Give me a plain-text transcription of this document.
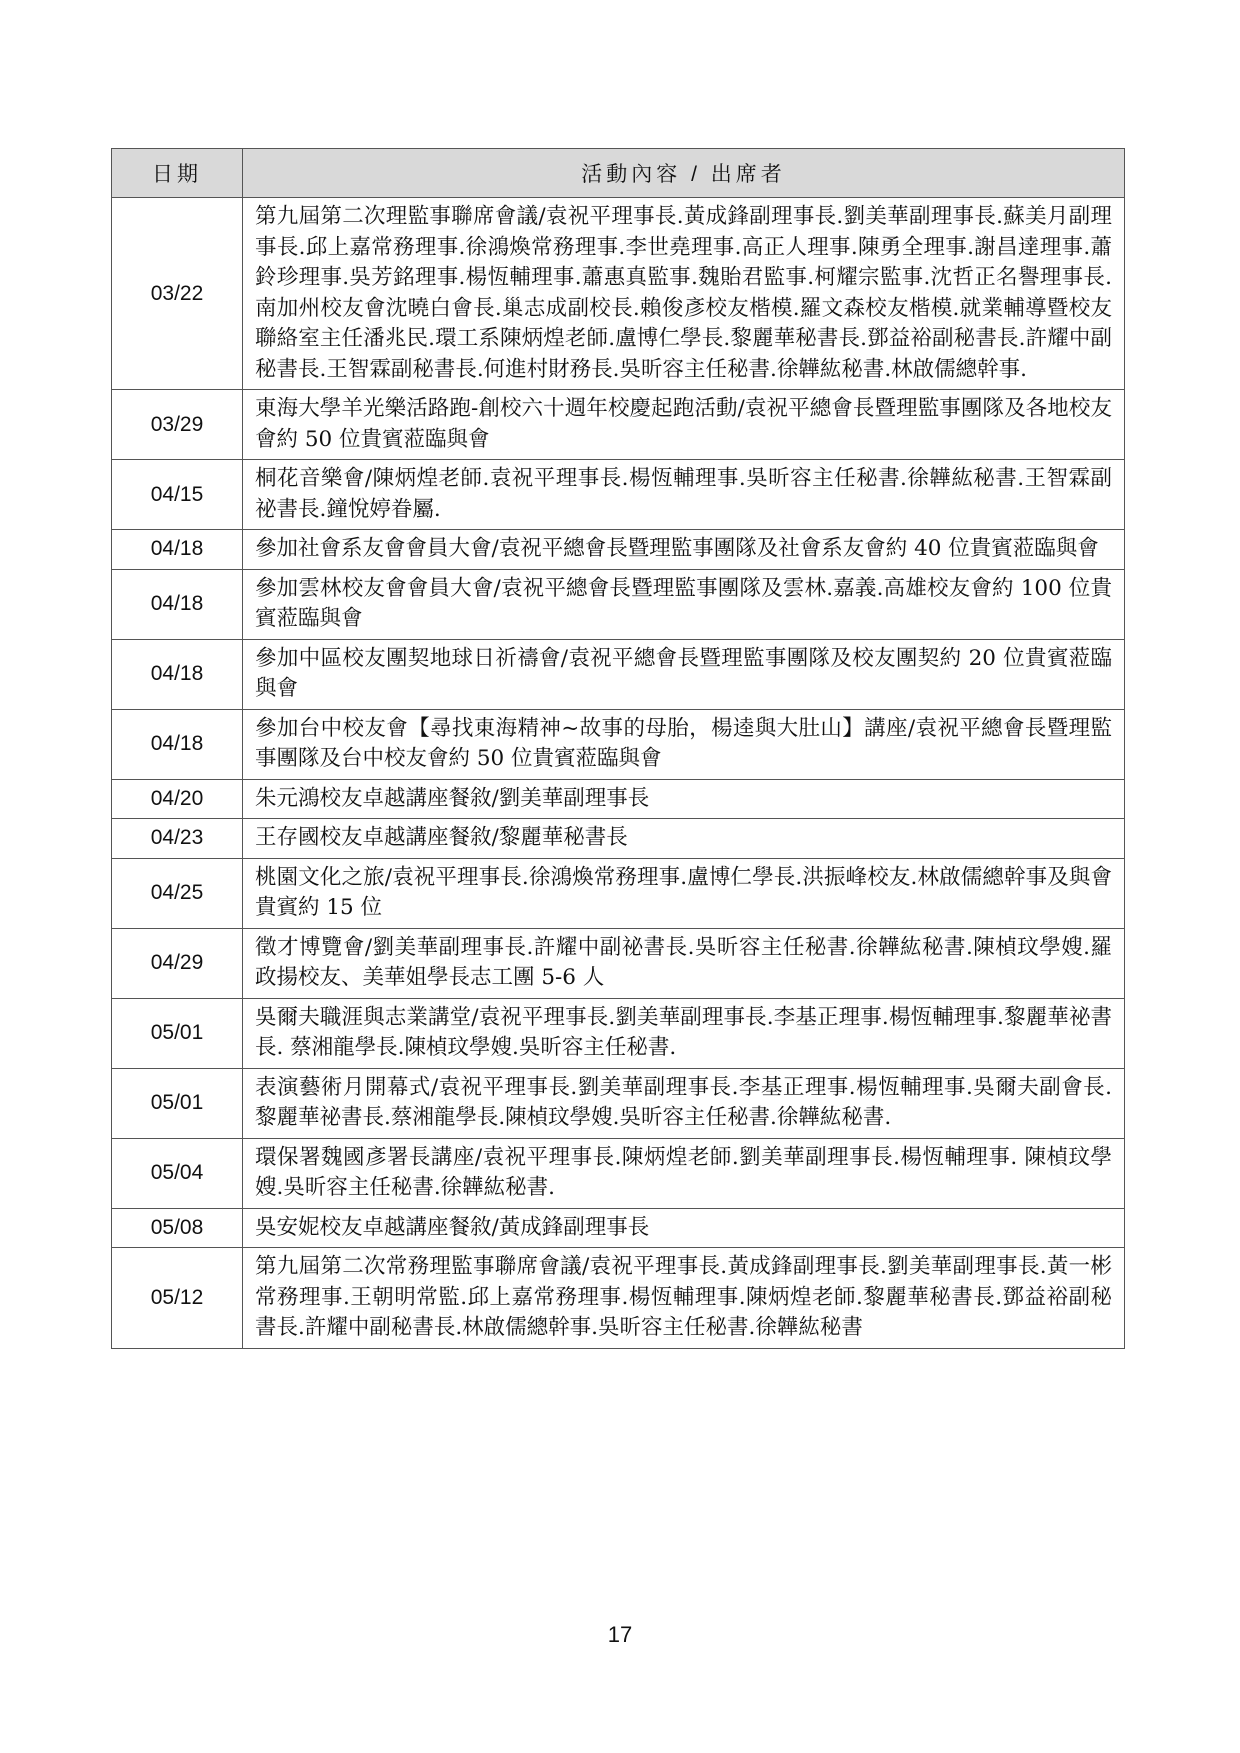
日期	活動內容 / 出席者
03/22	第九屆第二次理監事聯席會議/袁祝平理事長.黃成鋒副理事長.劉美華副理事長.蘇美月副理事長.邱上嘉常務理事.徐鴻煥常務理事.李世堯理事.高正人理事.陳勇全理事.謝昌達理事.蕭鈴珍理事.吳芳銘理事.楊恆輔理事.蕭惠真監事.魏貽君監事.柯耀宗監事.沈哲正名譽理事長.南加州校友會沈曉白會長.巢志成副校長.賴俊彥校友楷模.羅文森校友楷模.就業輔導暨校友聯絡室主任潘兆民.環工系陳炳煌老師.盧博仁學長.黎麗華秘書長.鄧益裕副秘書長.許耀中副秘書長.王智霖副秘書長.何進村財務長.吳昕容主任秘書.徐韡紘秘書.林啟儒總幹事.
03/29	東海大學羊光樂活路跑-創校六十週年校慶起跑活動/袁祝平總會長暨理監事團隊及各地校友會約 50 位貴賓蒞臨與會
04/15	桐花音樂會/陳炳煌老師.袁祝平理事長.楊恆輔理事.吳昕容主任秘書.徐韡紘秘書.王智霖副祕書長.鐘悅婷眷屬.
04/18	參加社會系友會會員大會/袁祝平總會長暨理監事團隊及社會系友會約 40 位貴賓蒞臨與會
04/18	參加雲林校友會會員大會/袁祝平總會長暨理監事團隊及雲林.嘉義.高雄校友會約 100 位貴賓蒞臨與會
04/18	參加中區校友團契地球日祈禱會/袁祝平總會長暨理監事團隊及校友團契約 20 位貴賓蒞臨與會
04/18	參加台中校友會【尋找東海精神~故事的母胎，楊逵與大肚山】講座/袁祝平總會長暨理監事團隊及台中校友會約 50 位貴賓蒞臨與會
04/20	朱元鴻校友卓越講座餐敘/劉美華副理事長
04/23	王存國校友卓越講座餐敘/黎麗華秘書長
04/25	桃園文化之旅/袁祝平理事長.徐鴻煥常務理事.盧博仁學長.洪振峰校友.林啟儒總幹事及與會貴賓約 15 位
04/29	徵才博覽會/劉美華副理事長.許耀中副祕書長.吳昕容主任秘書.徐韡紘秘書.陳楨玟學嫂.羅政揚校友、美華姐學長志工團 5-6 人
05/01	吳爾夫職涯與志業講堂/袁祝平理事長.劉美華副理事長.李基正理事.楊恆輔理事.黎麗華祕書長. 蔡湘龍學長.陳楨玟學嫂.吳昕容主任秘書.
05/01	表演藝術月開幕式/袁祝平理事長.劉美華副理事長.李基正理事.楊恆輔理事.吳爾夫副會長.黎麗華祕書長.蔡湘龍學長.陳楨玟學嫂.吳昕容主任秘書.徐韡紘秘書.
05/04	環保署魏國彥署長講座/袁祝平理事長.陳炳煌老師.劉美華副理事長.楊恆輔理事. 陳楨玟學嫂.吳昕容主任秘書.徐韡紘秘書.
05/08	吳安妮校友卓越講座餐敘/黃成鋒副理事長
05/12	第九屆第二次常務理監事聯席會議/袁祝平理事長.黃成鋒副理事長.劉美華副理事長.黃一彬常務理事.王朝明常監.邱上嘉常務理事.楊恆輔理事.陳炳煌老師.黎麗華秘書長.鄧益裕副秘書長.許耀中副秘書長.林啟儒總幹事.吳昕容主任秘書.徐韡紘秘書
17
